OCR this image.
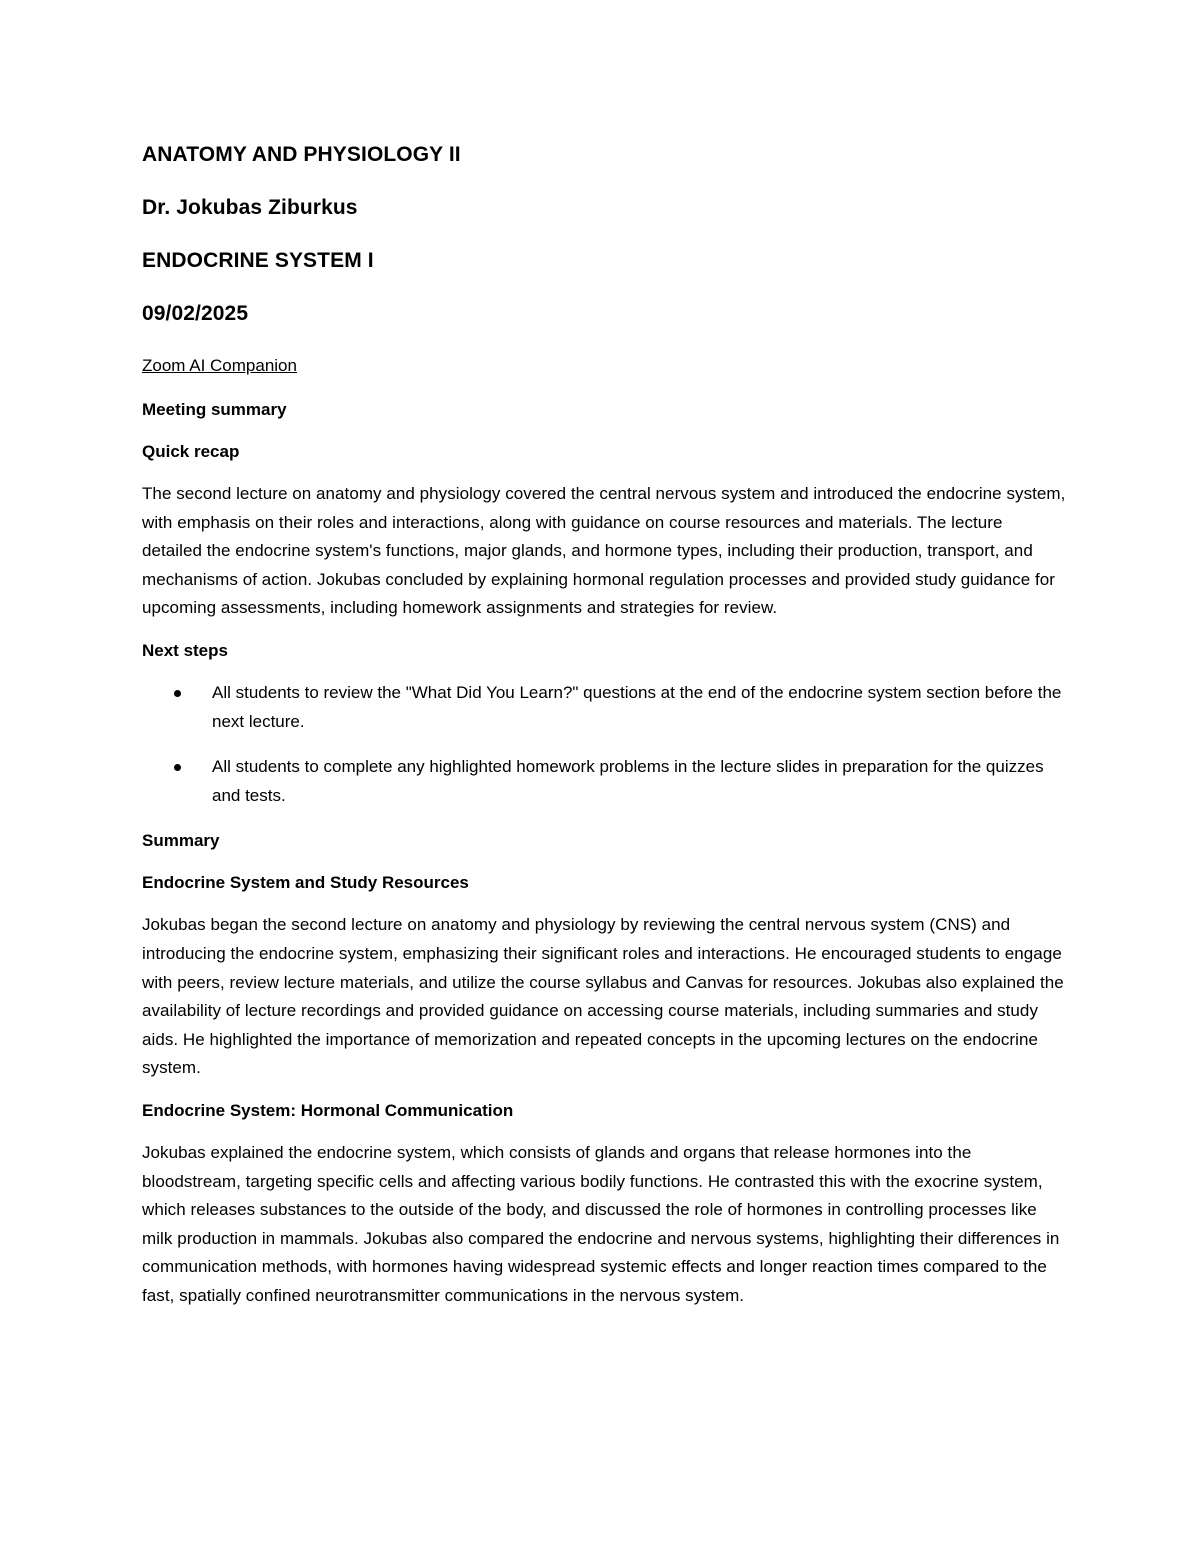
ANATOMY AND PHYSIOLOGY II
Dr. Jokubas Ziburkus
ENDOCRINE SYSTEM I
09/02/2025
Zoom AI Companion
Meeting summary
Quick recap

The second lecture on anatomy and physiology covered the central nervous system and introduced the endocrine system, with emphasis on their roles and interactions, along with guidance on course resources and materials. The lecture detailed the endocrine system's functions, major glands, and hormone types, including their production, transport, and mechanisms of action. Jokubas concluded by explaining hormonal regulation processes and provided study guidance for upcoming assessments, including homework assignments and strategies for review.

Next steps
All students to review the "What Did You Learn?" questions at the end of the endocrine system section before the next lecture.
All students to complete any highlighted homework problems in the lecture slides in preparation for the quizzes and tests.
Summary
Endocrine System and Study Resources

Jokubas began the second lecture on anatomy and physiology by reviewing the central nervous system (CNS) and introducing the endocrine system, emphasizing their significant roles and interactions. He encouraged students to engage with peers, review lecture materials, and utilize the course syllabus and Canvas for resources. Jokubas also explained the availability of lecture recordings and provided guidance on accessing course materials, including summaries and study aids. He highlighted the importance of memorization and repeated concepts in the upcoming lectures on the endocrine system.

Endocrine System: Hormonal Communication

Jokubas explained the endocrine system, which consists of glands and organs that release hormones into the bloodstream, targeting specific cells and affecting various bodily functions. He contrasted this with the exocrine system, which releases substances to the outside of the body, and discussed the role of hormones in controlling processes like milk production in mammals. Jokubas also compared the endocrine and nervous systems, highlighting their differences in communication methods, with hormones having widespread systemic effects and longer reaction times compared to the fast, spatially confined neurotransmitter communications in the nervous system.
